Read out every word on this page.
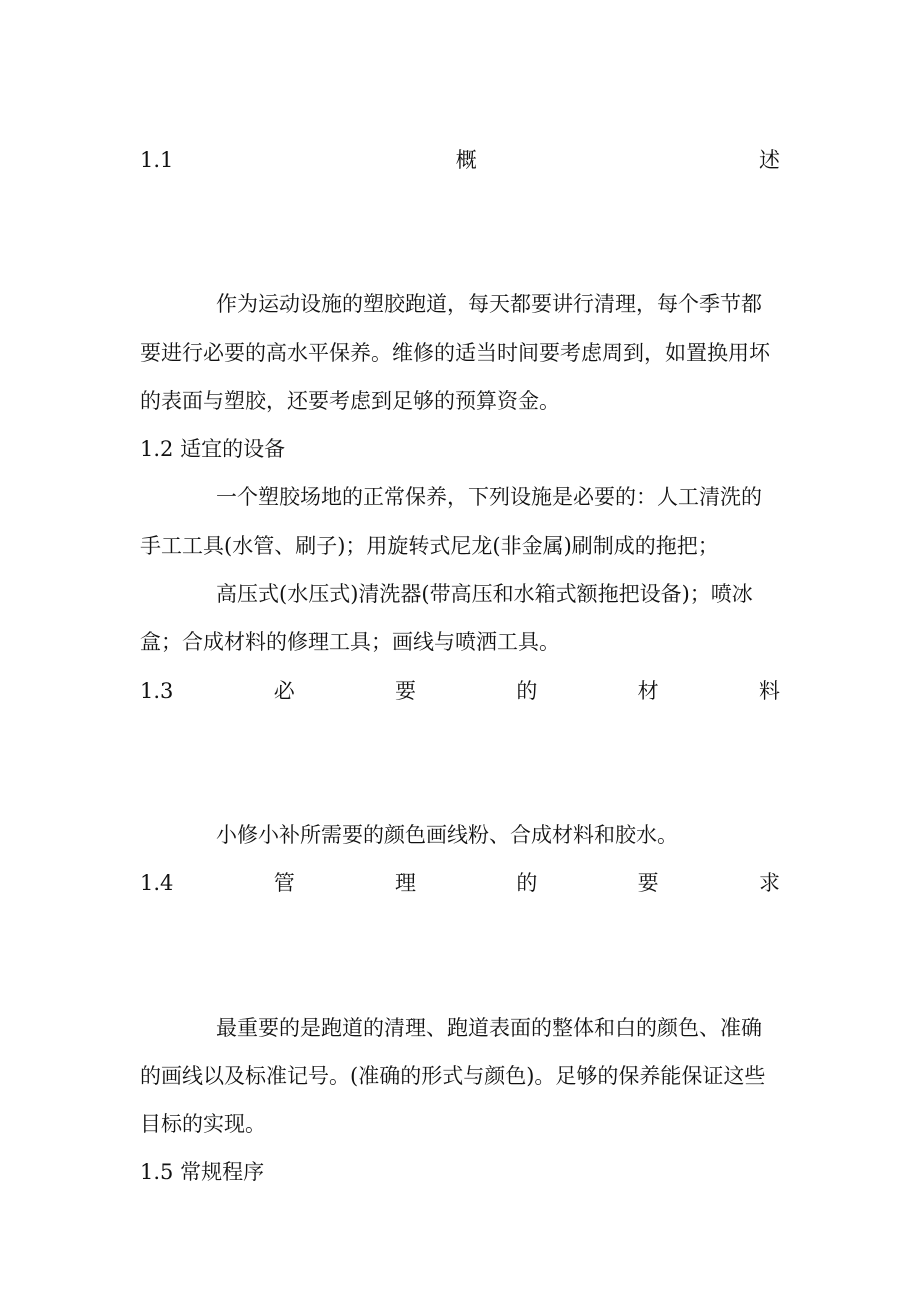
1.1	概	述
作为运动设施的塑胶跑道，每天都要讲行清理，每个季节都
要进行必要的高水平保养。维修的适当时间要考虑周到，如置换用坏
的表面与塑胶，还要考虑到足够的预算资金。
1.2 适宜的设备
一个塑胶场地的正常保养，下列设施是必要的：人工清洗的
手工工具(水管、刷子)；用旋转式尼龙(非金属)刷制成的拖把；
高压式(水压式)清洗器(带高压和水箱式额拖把设备)；喷冰
盒；合成材料的修理工具；画线与喷洒工具。
1.3	必	要	的	材	料
小修小补所需要的颜色画线粉、合成材料和胶水。
1.4	管	理	的	要	求
最重要的是跑道的清理、跑道表面的整体和白的颜色、准确
的画线以及标准记号。(准确的形式与颜色)。足够的保养能保证这些
目标的实现。
1.5 常规程序
